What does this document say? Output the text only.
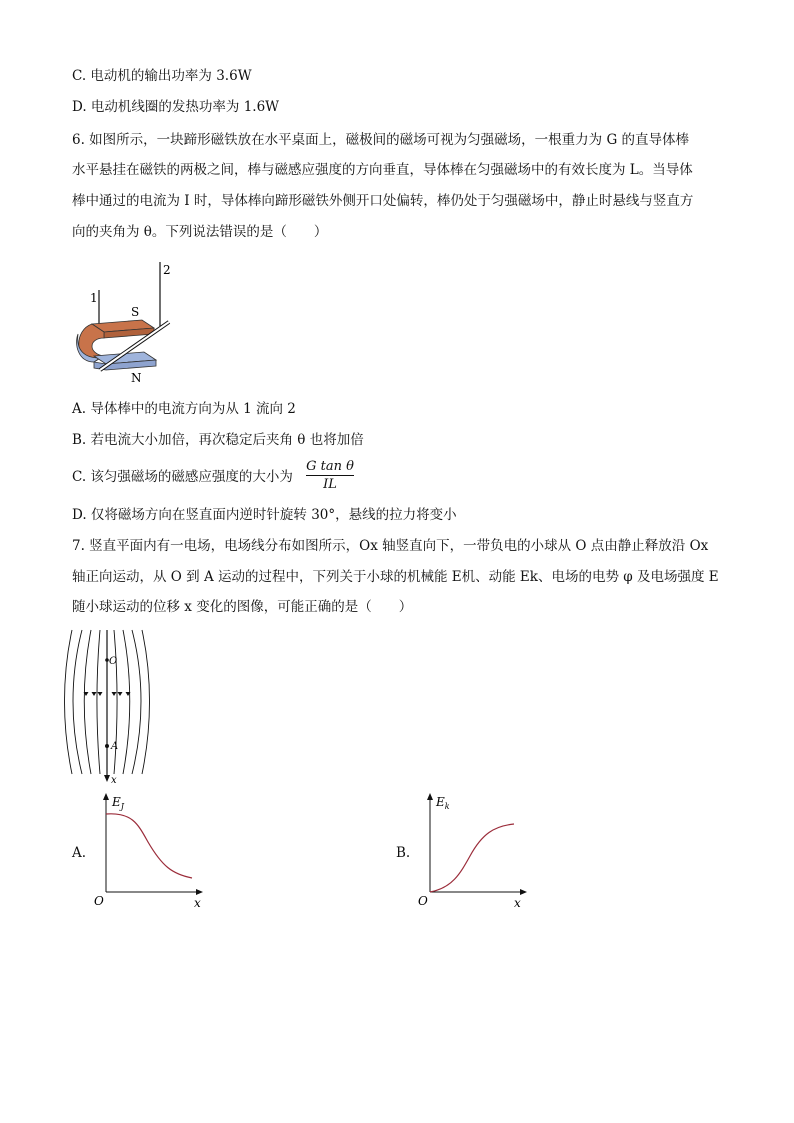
C. 电动机的输出功率为 3.6W
D. 电动机线圈的发热功率为 1.6W
6. 如图所示，一块蹄形磁铁放在水平桌面上，磁极间的磁场可视为匀强磁场，一根重力为 G 的直导体棒
水平悬挂在磁铁的两极之间，棒与磁感应强度的方向垂直，导体棒在匀强磁场中的有效长度为 L。当导体
棒中通过的电流为 I 时，导体棒向蹄形磁铁外侧开口处偏转，棒仍处于匀强磁场中，静止时悬线与竖直方
向的夹角为 θ。下列说法错误的是（　　）
1
2
S
N
A. 导体棒中的电流方向为从 1 流向 2
B. 若电流大小加倍，再次稳定后夹角 θ 也将加倍
C. 该匀强磁场的磁感应强度的大小为 $\frac{\text{G tan θ}}{IL}$
D. 仅将磁场方向在竖直面内逆时针旋转 30°，悬线的拉力将变小
7. 竖直平面内有一电场，电场线分布如图所示，Ox 轴竖直向下，一带负电的小球从 O 点由静止释放沿 Ox
轴正向运动，从 O 到 A 运动的过程中，下列关于小球的机械能 E机、动能 Ek、电场的电势 φ 及电场强度 E
随小球运动的位移 x 变化的图像，可能正确的是（　　）
O
A
x
A.
$E_J$
O	x
B.
$E_k$
O	x
